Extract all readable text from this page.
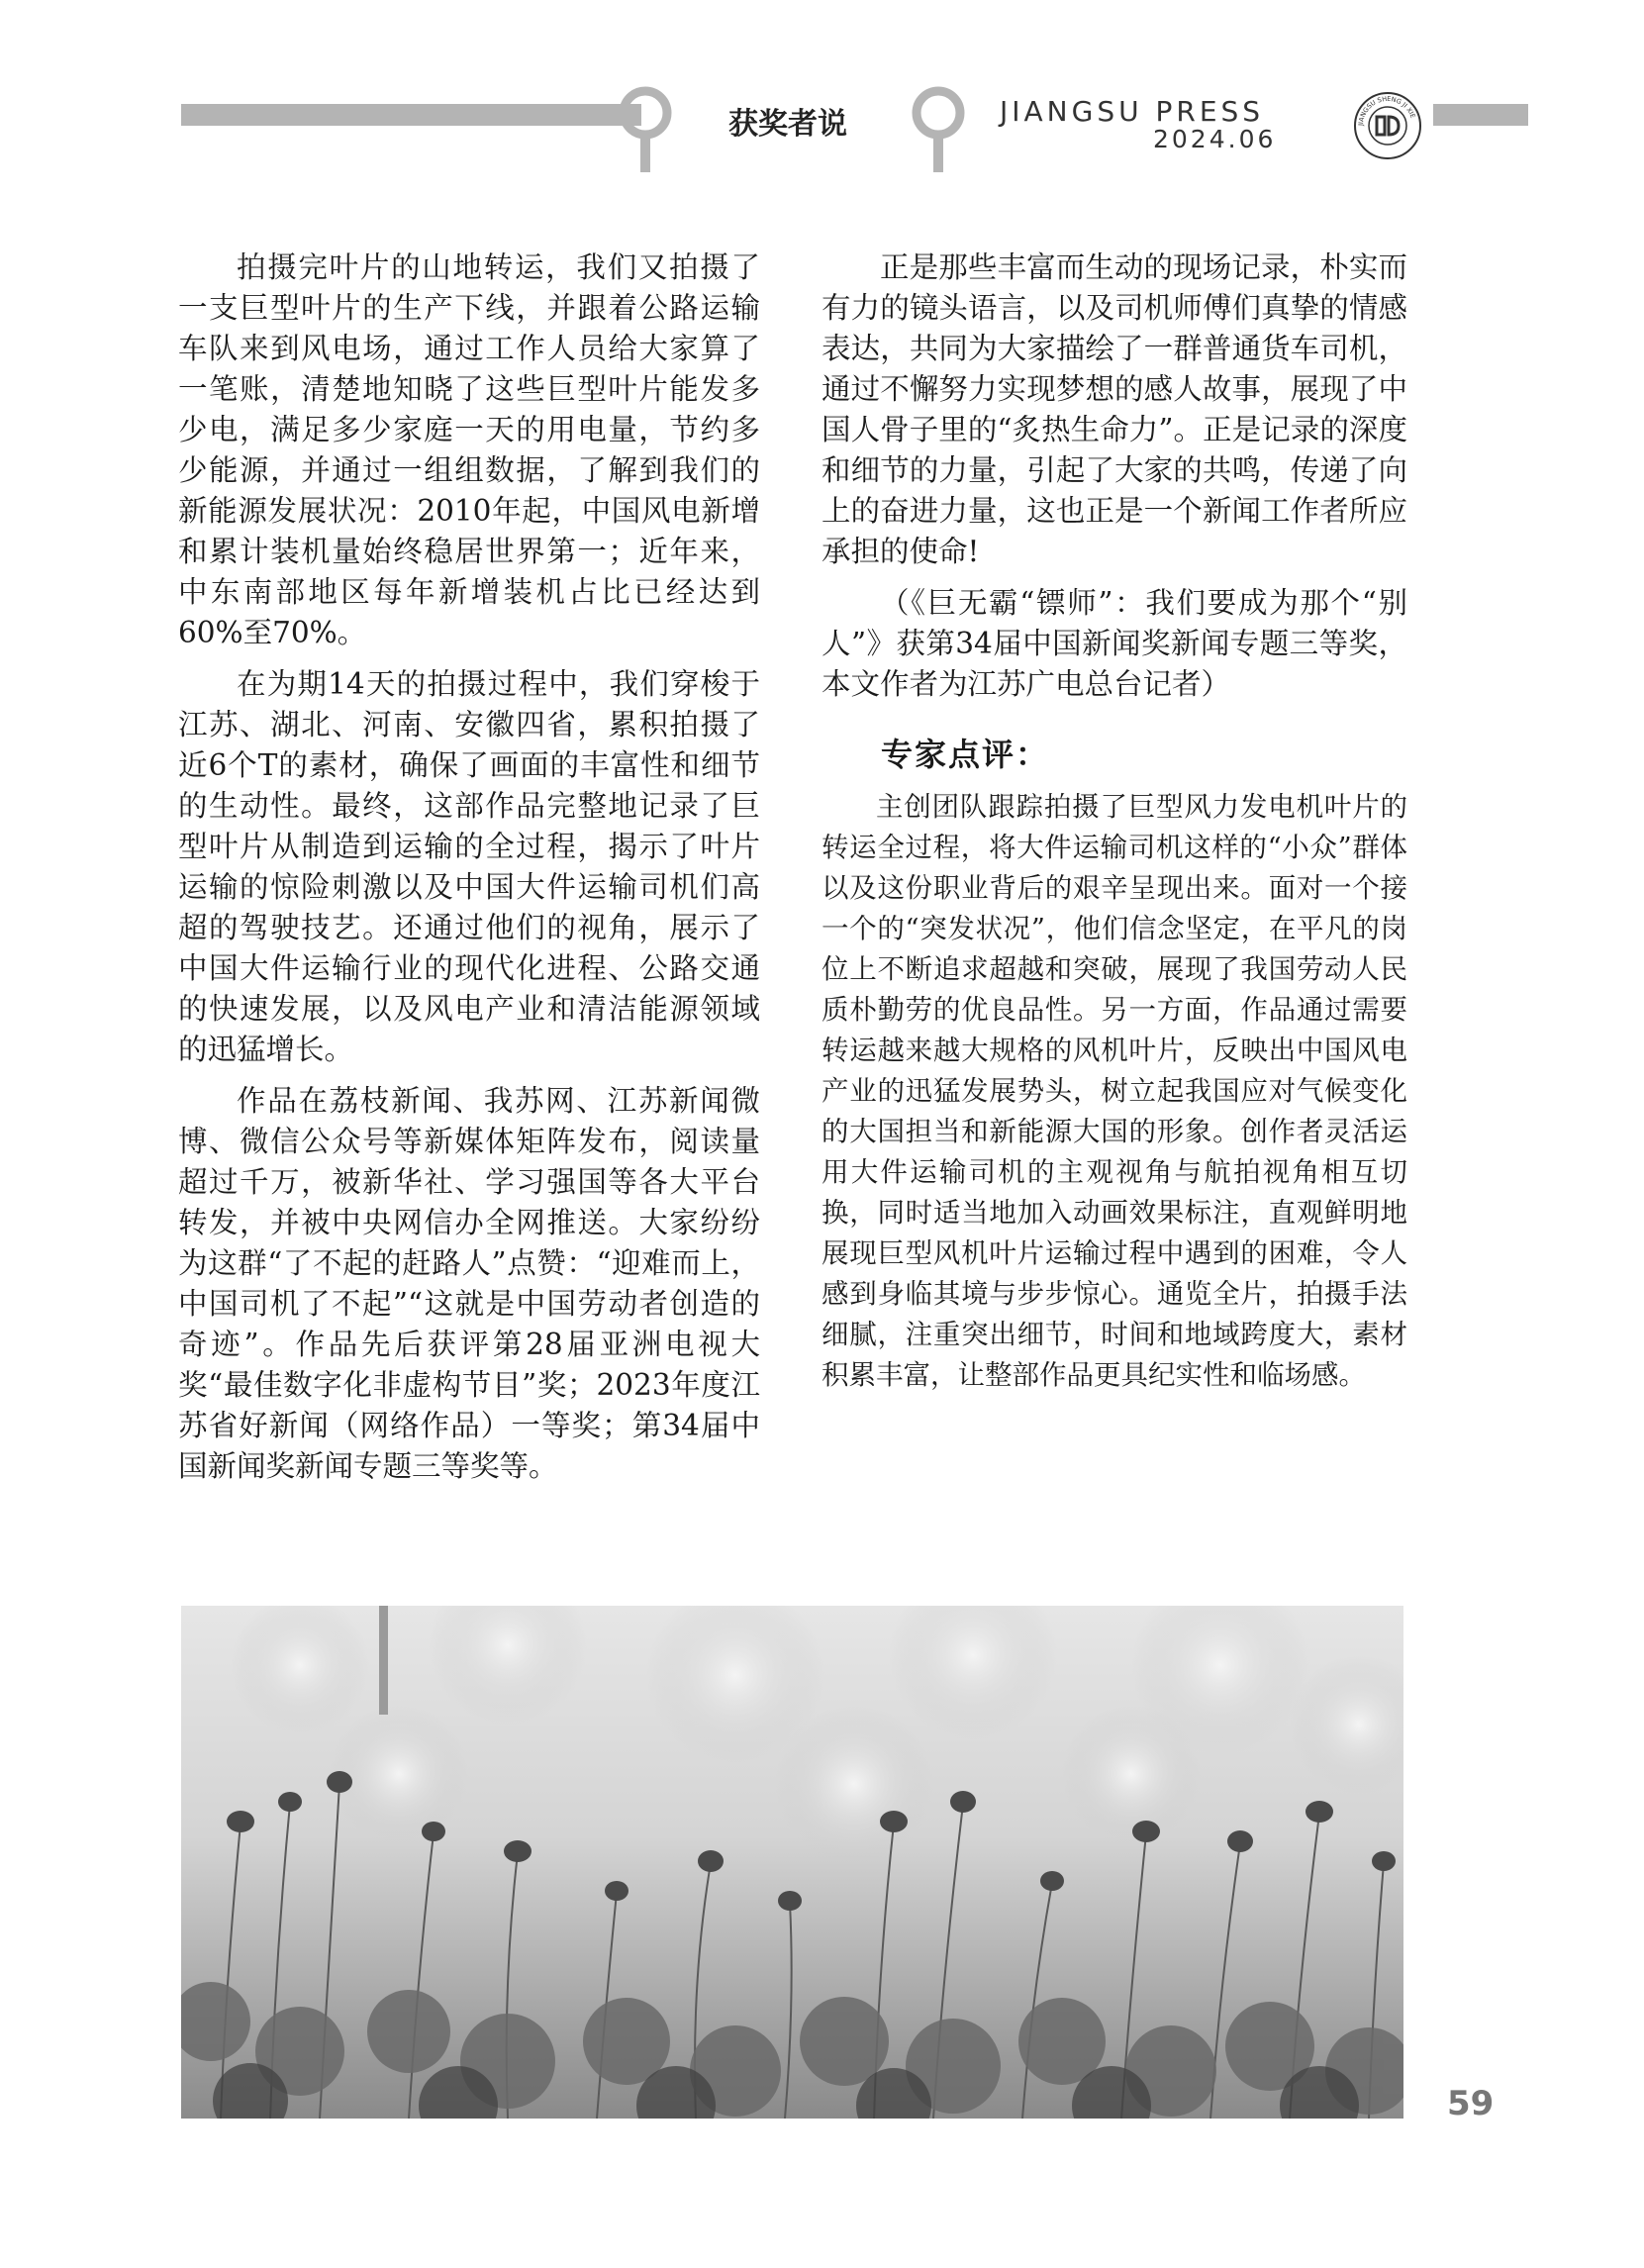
获奖者说	JIANGSU PRESS
2024.06	JIANGSU SHENG JI XIE

拍摄完叶片的山地转运，我们又拍摄了一支巨型叶片的生产下线，并跟着公路运输车队来到风电场，通过工作人员给大家算了一笔账，清楚地知晓了这些巨型叶片能发多少电，满足多少家庭一天的用电量，节约多少能源，并通过一组组数据，了解到我们的新能源发展状况：2010年起，中国风电新增和累计装机量始终稳居世界第一；近年来，中东南部地区每年新增装机占比已经达到60%至70%。

在为期14天的拍摄过程中，我们穿梭于江苏、湖北、河南、安徽四省，累积拍摄了近6个T的素材，确保了画面的丰富性和细节的生动性。最终，这部作品完整地记录了巨型叶片从制造到运输的全过程，揭示了叶片运输的惊险刺激以及中国大件运输司机们高超的驾驶技艺。还通过他们的视角，展示了中国大件运输行业的现代化进程、公路交通的快速发展，以及风电产业和清洁能源领域的迅猛增长。

作品在荔枝新闻、我苏网、江苏新闻微博、微信公众号等新媒体矩阵发布，阅读量超过千万，被新华社、学习强国等各大平台转发，并被中央网信办全网推送。大家纷纷为这群“了不起的赶路人”点赞：“迎难而上，中国司机了不起”“这就是中国劳动者创造的奇迹”。作品先后获评第28届亚洲电视大奖“最佳数字化非虚构节目”奖；2023年度江苏省好新闻（网络作品）一等奖；第34届中国新闻奖新闻专题三等奖等。

正是那些丰富而生动的现场记录，朴实而有力的镜头语言，以及司机师傅们真挚的情感表达，共同为大家描绘了一群普通货车司机，通过不懈努力实现梦想的感人故事，展现了中国人骨子里的“炙热生命力”。正是记录的深度和细节的力量，引起了大家的共鸣，传递了向上的奋进力量，这也正是一个新闻工作者所应承担的使命!

（《巨无霸“镖师”：我们要成为那个“别人”》获第34届中国新闻奖新闻专题三等奖，本文作者为江苏广电总台记者）

专家点评：

主创团队跟踪拍摄了巨型风力发电机叶片的转运全过程，将大件运输司机这样的“小众”群体以及这份职业背后的艰辛呈现出来。面对一个接一个的“突发状况”，他们信念坚定，在平凡的岗位上不断追求超越和突破，展现了我国劳动人民质朴勤劳的优良品性。另一方面，作品通过需要转运越来越大规格的风机叶片，反映出中国风电产业的迅猛发展势头，树立起我国应对气候变化的大国担当和新能源大国的形象。创作者灵活运用大件运输司机的主观视角与航拍视角相互切换，同时适当地加入动画效果标注，直观鲜明地展现巨型风机叶片运输过程中遇到的困难，令人感到身临其境与步步惊心。通览全片，拍摄手法细腻，注重突出细节，时间和地域跨度大，素材积累丰富，让整部作品更具纪实性和临场感。

59
